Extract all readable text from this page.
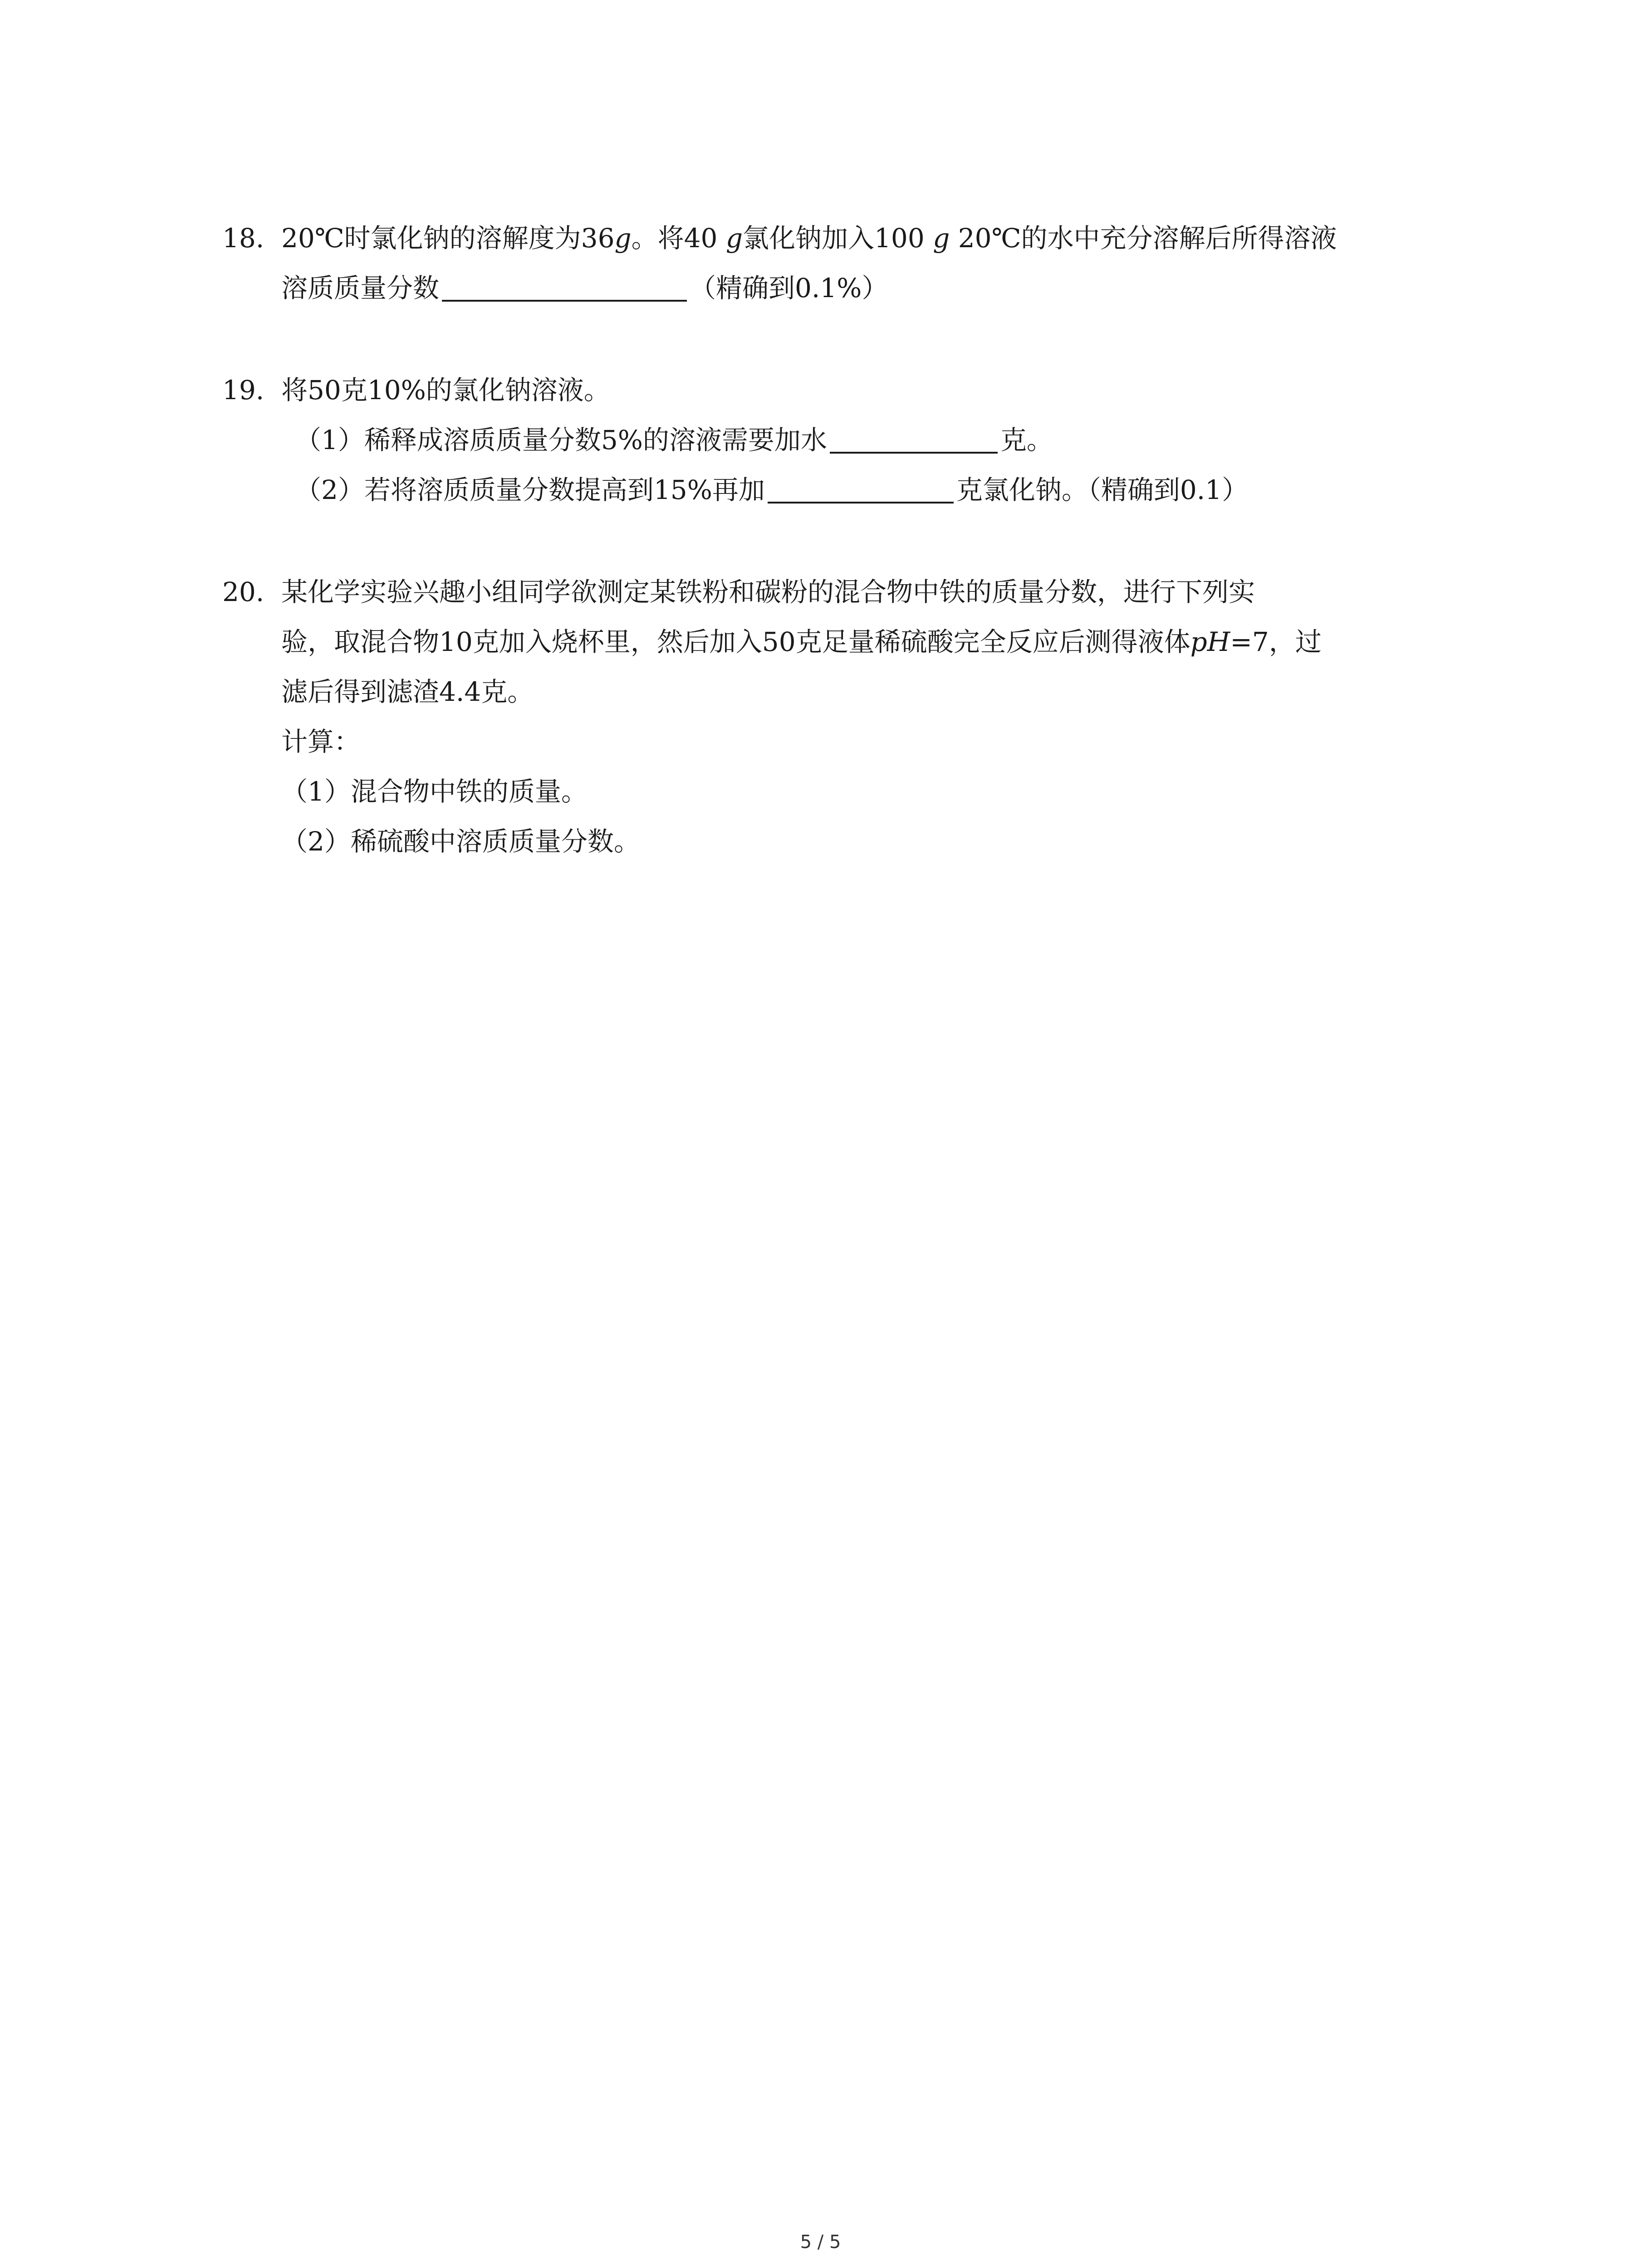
18. 20℃时氯化钠的溶解度为36g。将40 g氯化钠加入100 g 20℃的水中充分溶解后所得溶液
溶质质量分数	（精确到0.1%）
19. 将50克10%的氯化钠溶液。
（1）稀释成溶质质量分数5%的溶液需要加水	克。
（2）若将溶质质量分数提高到15%再加	克氯化钠。（精确到0.1）
20. 某化学实验兴趣小组同学欲测定某铁粉和碳粉的混合物中铁的质量分数，进行下列实
验，取混合物10克加入烧杯里，然后加入50克足量稀硫酸完全反应后测得液体pH=7，过
滤后得到滤渣4.4克。
计算：
（1）混合物中铁的质量。
（2）稀硫酸中溶质质量分数。
5 / 5
